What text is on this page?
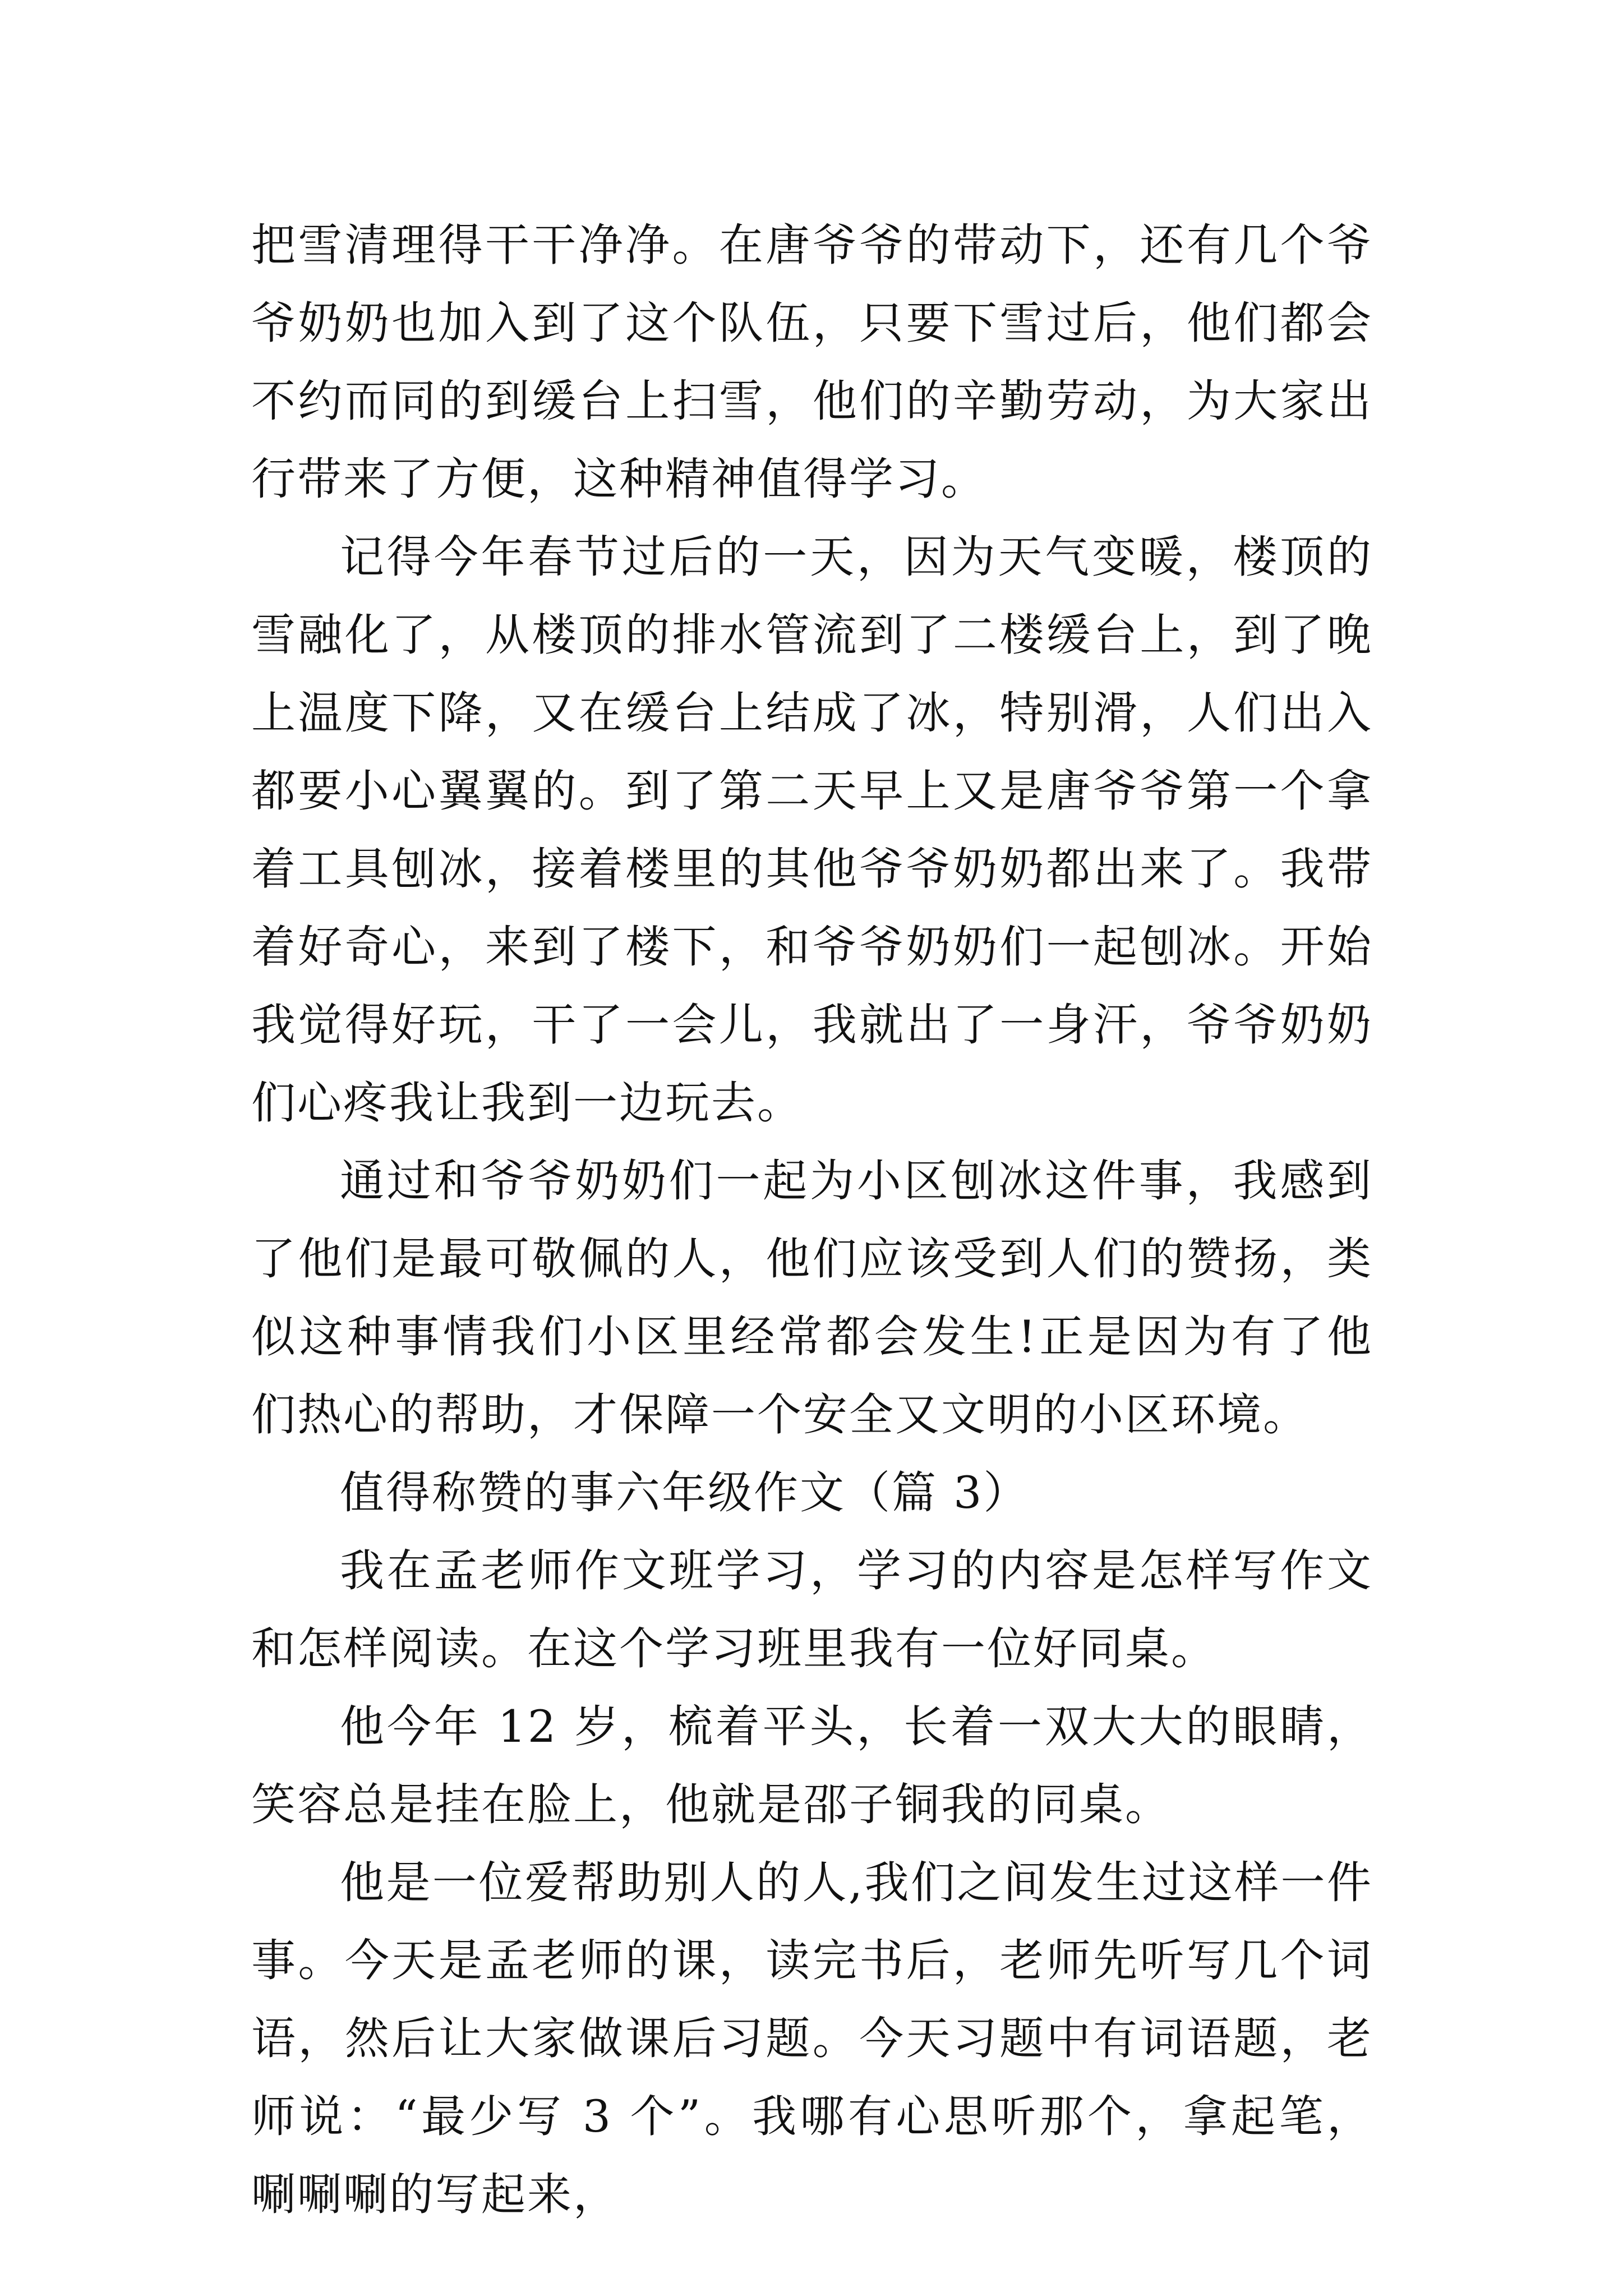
把雪清理得干干净净。在唐爷爷的带动下，还有几个爷爷奶奶也加入到了这个队伍，只要下雪过后，他们都会不约而同的到缓台上扫雪，他们的辛勤劳动，为大家出行带来了方便，这种精神值得学习。

记得今年春节过后的一天，因为天气变暖，楼顶的雪融化了，从楼顶的排水管流到了二楼缓台上，到了晚上温度下降，又在缓台上结成了冰，特别滑，人们出入都要小心翼翼的。到了第二天早上又是唐爷爷第一个拿着工具刨冰，接着楼里的其他爷爷奶奶都出来了。我带着好奇心，来到了楼下，和爷爷奶奶们一起刨冰。开始我觉得好玩，干了一会儿，我就出了一身汗，爷爷奶奶们心疼我让我到一边玩去。

通过和爷爷奶奶们一起为小区刨冰这件事，我感到了他们是最可敬佩的人，他们应该受到人们的赞扬，类似这种事情我们小区里经常都会发生!正是因为有了他们热心的帮助，才保障一个安全又文明的小区环境。

值得称赞的事六年级作文（篇 3）

我在孟老师作文班学习，学习的内容是怎样写作文和怎样阅读。在这个学习班里我有一位好同桌。

他今年 12 岁，梳着平头，长着一双大大的眼睛，笑容总是挂在脸上，他就是邵子铜我的同桌。

他是一位爱帮助别人的人,我们之间发生过这样一件事。今天是孟老师的课，读完书后，老师先听写几个词语，然后让大家做课后习题。今天习题中有词语题，老师说：“最少写 3 个”。我哪有心思听那个，拿起笔，唰唰唰的写起来，
